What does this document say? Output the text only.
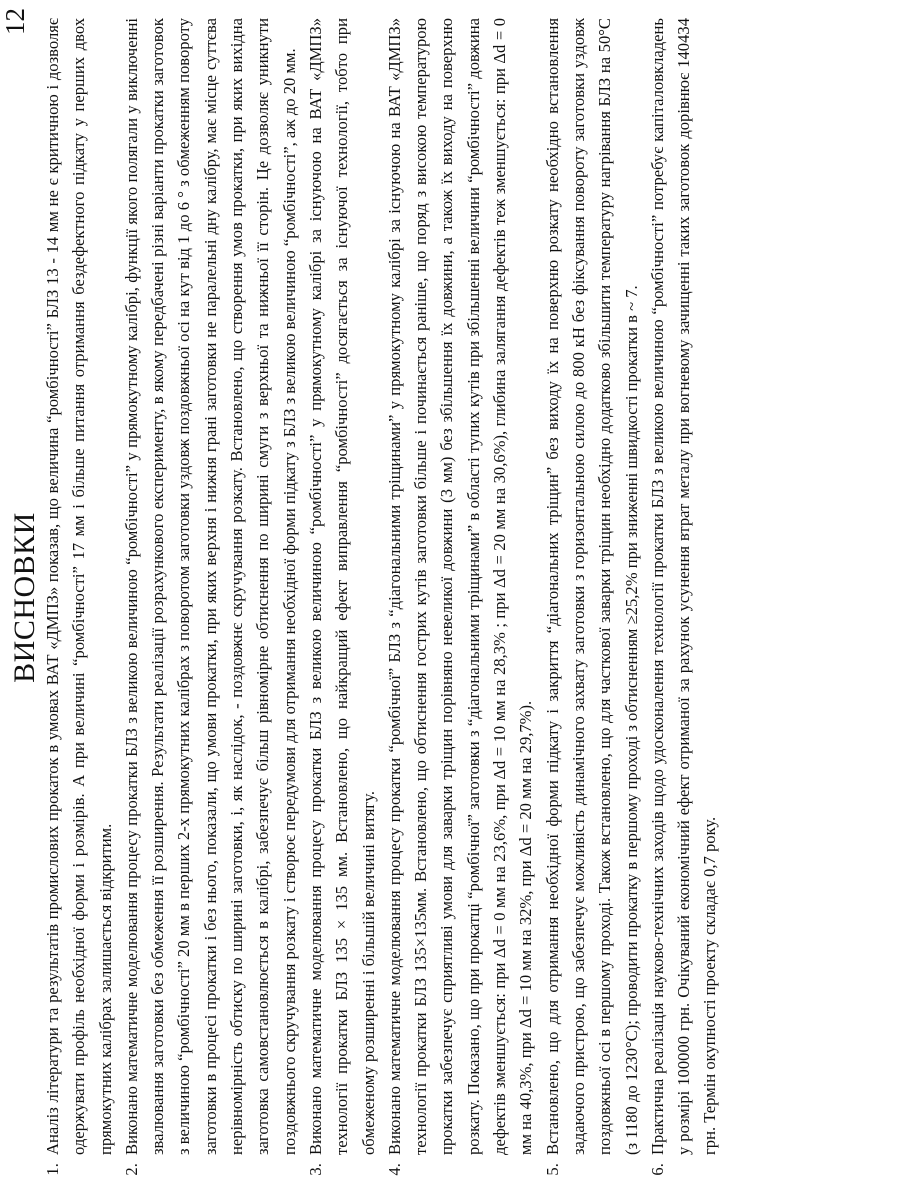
12
ВИСНОВКИ 1. Аналіз літератури та результатів промислових прокаток в умовах ВАТ «ДМПЗ» показав, що величина “ромбічності” БЛЗ 13 - 14 мм не є критичною і дозволяє одержувати профіль необхідної форми і розмірів. А при величині “ромбічності” 17 мм і більше питання отримання бездефектного підкату у перших двох прямокутних калібрах залишається відкритим. 2. Виконано математичне моделювання процесу прокатки БЛЗ з великою величиною “ромбічності” у прямокутному калібрі, функції якого полягали у виключенні звалювання заготовки без обмеження її розширення. Результати реалізації розрахункового експерименту, в якому передбачені різні варіанти прокатки заготовок з величиною “ромбічності” 20 мм в перших 2-х прямокутних калібрах з поворотом заготовки уздовж поздовжньої осі на кут від 1 до 6 ° з обмеженням повороту заготовки в процесі прокатки і без нього, показали, що умови прокатки, при яких верхня і нижня грані заготовки не паралельні дну калібру, має місце суттєва нерівномірність обтиску по ширині заготовки, і, як наслідок, - поздовжнє скручування розкату. Встановлено, що створення умов прокатки, при яких вихідна заготовка самовстановлюється в калібрі, забезпечує більш рівномірне обтиснення по ширині смуги з верхньої та нижньої її сторін. Це дозволяє уникнути поздовжнього скручування розкату і створює передумови для отримання необхідної форми підкату з БЛЗ з великою величиною “ромбічності”, аж до 20 мм. 3. Виконано математичне моделювання процесу прокатки БЛЗ з великою величиною “ромбічності” у прямокутному калібрі за існуючою на ВАТ «ДМПЗ» технології прокатки БЛЗ 135 × 135 мм. Встановлено, що найкращий ефект виправлення “ромбічності” досягається за існуючої технології, тобто при обмеженому розширенні і більшій величині витягу. 4. Виконано математичне моделювання процесу прокатки “ромбічної” БЛЗ з “діагональними тріщинами” у прямокутному калібрі за існуючою на ВАТ «ДМПЗ» технології прокатки БЛЗ 135×135мм. Встановлено, що обтиснення гострих кутів заготовки більше і починається раніше, що поряд з високою температурою прокатки забезпечує сприятливі умови для заварки тріщин порівняно невеликої довжини (3 мм) без збільшення їх довжини, а також їх виходу на поверхню розкату. Показано, що при прокатці “ромбічної” заготовки з “діагональними тріщинами” в області тупих кутів при збільшенні величини “ромбічності” довжина дефектів зменшується: при Δd = 0 мм на 23,6%, при Δd = 10 мм на 28,3% ; при Δd = 20 мм на 30,6%), глибина залягання дефектів теж зменшується: при Δd = 0 мм на 40,3%, при Δd = 10 мм на 32%, при Δd = 20 мм на 29,7%). 5. Встановлено, що для отримання необхідної форми підкату і закриття “діагональних тріщин” без виходу їх на поверхню розкату необхідно встановлення задаючого пристрою, що забезпечує можливість динамічного захвату заготовки з горизонтальною силою до 800 кН без фіксування повороту заготовки уздовж поздовжньої осі в першому проході. Також встановлено, що для часткової заварки тріщин необхідно додатково збільшити температуру нагрівання БЛЗ на 50°С (з 1180 до 1230°С); проводити прокатку в першому проході з обтисненням ≥25,2% при зниженні швидкості прокатки в ~ 7. 6. Практична реалізація науково-технічних заходів щодо удосконалення технології прокатки БЛЗ з великою величиною “ромбічності” потребує капіталовкладень у розмірі 100000 грн. Очікуваний економічний ефект отриманої за рахунок усунення втрат металу при вогневому зачищенні таких заготовок дорівнює 140434 грн. Термін окупності проекту складає 0,7 року.
